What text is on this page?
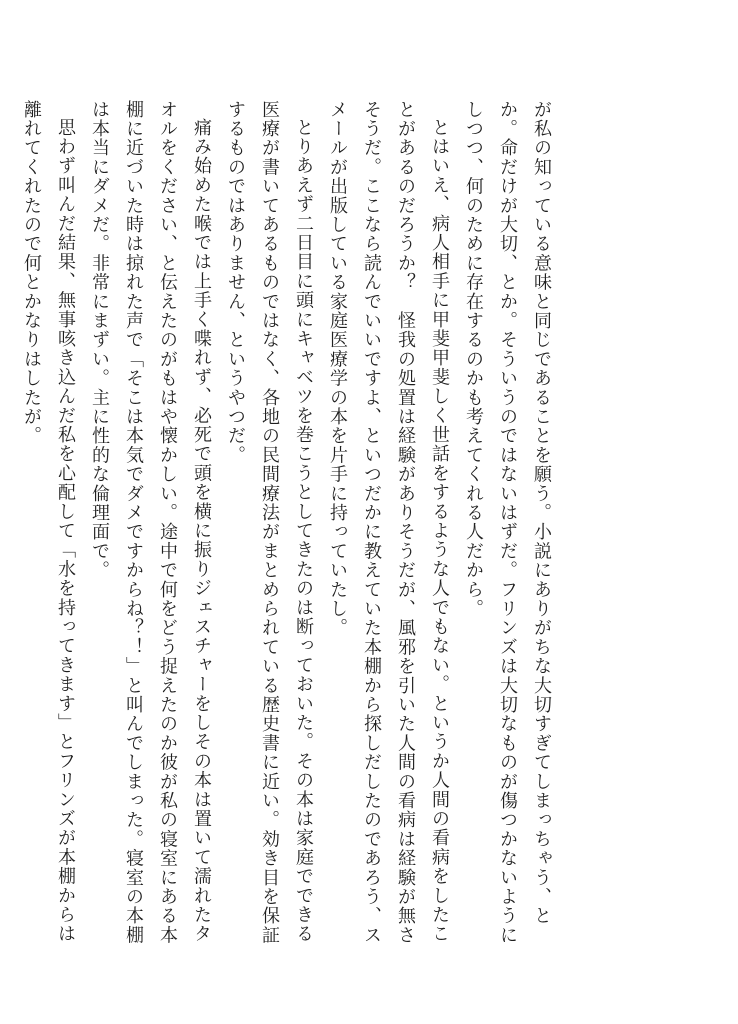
が私の知っている意味と同じであることを願う。小説にありがちな大切すぎてしまっちゃう、とか。命だけが大切、とか。そういうのではないはずだ。フリンズは大切なものが傷つかないようにしつつ、何のために存在するのかも考えてくれる人だから。

とはいえ、病人相手に甲斐甲斐しく世話をするような人でもない。というか人間の看病をしたことがあるのだろうか？　怪我の処置は経験がありそうだが、風邪を引いた人間の看病は経験が無さそうだ。ここなら読んでいいですよ、といつだかに教えていた本棚から探しだしたのであろう、スメールが出版している家庭医療学の本を片手に持っていたし。

とりあえず二日目に頭にキャベツを巻こうとしてきたのは断っておいた。その本は家庭でできる医療が書いてあるものではなく、各地の民間療法がまとめられている歴史書に近い。効き目を保証するものではありません、というやつだ。

痛み始めた喉では上手く喋れず、必死で頭を横に振りジェスチャーをしその本は置いて濡れたタオルをください、と伝えたのがもはや懐かしい。途中で何をどう捉えたのか彼が私の寝室にある本棚に近づいた時は掠れた声で「そこは本気でダメですからね？！」と叫んでしまった。寝室の本棚は本当にダメだ。非常にまずい。主に性的な倫理面で。

思わず叫んだ結果、無事咳き込んだ私を心配して「水を持ってきます」とフリンズが本棚からは離れてくれたので何とかなりはしたが。
